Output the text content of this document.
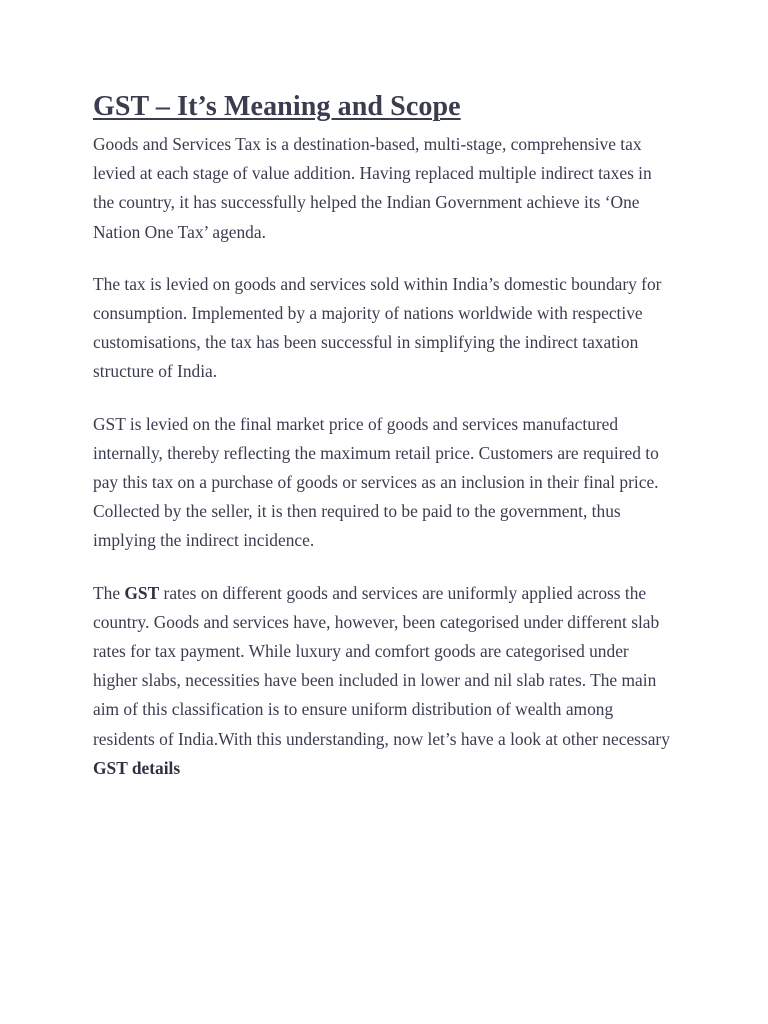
GST – It’s Meaning and Scope

Goods and Services Tax is a destination-based, multi-stage, comprehensive tax levied at each stage of value addition. Having replaced multiple indirect taxes in the country, it has successfully helped the Indian Government achieve its ‘One Nation One Tax’ agenda.

The tax is levied on goods and services sold within India’s domestic boundary for consumption. Implemented by a majority of nations worldwide with respective customisations, the tax has been successful in simplifying the indirect taxation structure of India.

GST is levied on the final market price of goods and services manufactured internally, thereby reflecting the maximum retail price. Customers are required to pay this tax on a purchase of goods or services as an inclusion in their final price. Collected by the seller, it is then required to be paid to the government, thus implying the indirect incidence.

The GST rates on different goods and services are uniformly applied across the country. Goods and services have, however, been categorised under different slab rates for tax payment. While luxury and comfort goods are categorised under higher slabs, necessities have been included in lower and nil slab rates. The main aim of this classification is to ensure uniform distribution of wealth among residents of India.With this understanding, now let’s have a look at other necessary GST details
